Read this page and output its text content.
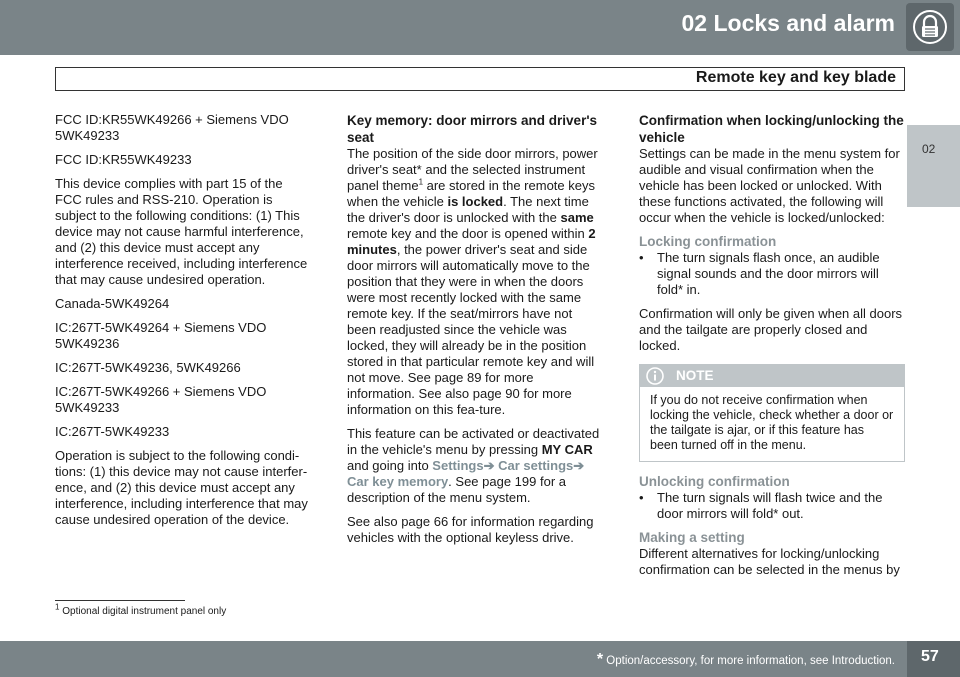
02 Locks and alarm
Remote key and key blade
02

FCC ID:KR55WK49266 + Siemens VDO 5WK49233

FCC ID:KR55WK49233

This device complies with part 15 of the FCC rules and RSS-210. Operation is subject to the following conditions: (1) This device may not cause harmful interference, and (2) this device must accept any interference received, including interference that may cause undesired operation.

Canada-5WK49264

IC:267T-5WK49264 + Siemens VDO 5WK49236

IC:267T-5WK49236, 5WK49266

IC:267T-5WK49266 + Siemens VDO 5WK49233

IC:267T-5WK49233

Operation is subject to the following condi-tions: (1) this device may not cause interfer-ence, and (2) this device must accept any interference, including interference that may cause undesired operation of the device.

Key memory: door mirrors and driver's seat

The position of the side door mirrors, power driver's seat* and the selected instrument panel theme$^1$ are stored in the remote keys when the vehicle is locked. The next time the driver's door is unlocked with the same remote key and the door is opened within 2 minutes, the power driver's seat and side door mirrors will automatically move to the position that they were in when the doors were most recently locked with the same remote key. If the seat/mirrors have not been readjusted since the vehicle was locked, they will already be in the position stored in that particular remote key and will not move. See page 89 for more information. See also page 90 for more information on this fea-ture.

This feature can be activated or deactivated in the vehicle's menu by pressing MY CAR and going into Settings➔ Car settings➔ Car key memory. See page 199 for a description of the menu system.

See also page 66 for information regarding vehicles with the optional keyless drive.

Confirmation when locking/unlocking the vehicle

Settings can be made in the menu system for audible and visual confirmation when the vehicle has been locked or unlocked. With these functions activated, the following will occur when the vehicle is locked/unlocked:

Locking confirmation
•	The turn signals flash once, an audible signal sounds and the door mirrors will fold* in.

Confirmation will only be given when all doors and the tailgate are properly closed and locked.

NOTE
If you do not receive confirmation when locking the vehicle, check whether a door or the tailgate is ajar, or if this feature has been turned off in the menu.
Unlocking confirmation
•	The turn signals will flash twice and the door mirrors will fold* out.
Making a setting

Different alternatives for locking/unlocking confirmation can be selected in the menus by

$^1$ Optional digital instrument panel only
* Option/accessory, for more information, see Introduction. 57
